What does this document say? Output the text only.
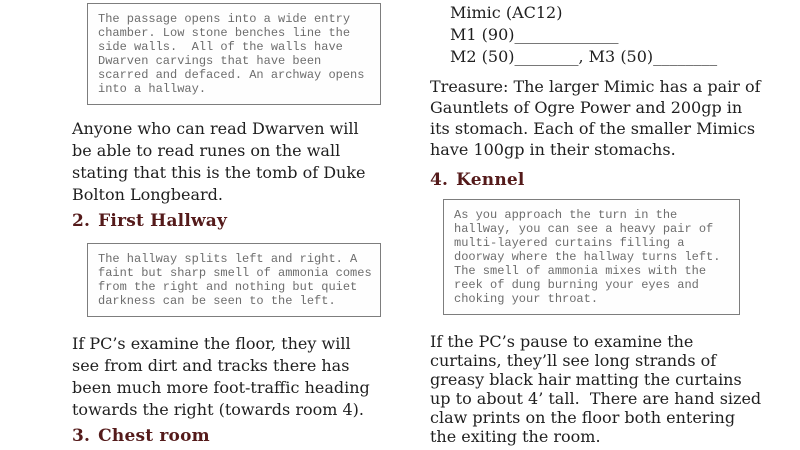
The passage opens into a wide entry chamber. Low stone benches line the side walls.  All of the walls have Dwarven carvings that have been scarred and defaced. An archway opens into a hallway.

Anyone who can read Dwarven will be able to read runes on the wall stating that this is the tomb of Duke Bolton Longbeard.

2. First Hallway
The hallway splits left and right. A faint but sharp smell of ammonia comes from the right and nothing but quiet darkness can be seen to the left.

If PC’s examine the floor, they will see from dirt and tracks there has been much more foot-traffic heading towards the right (towards room 4).

3. Chest room
Mimic (AC12)
M1 (90)_____________
M2 (50)________, M3 (50)________

Treasure: The larger Mimic has a pair of Gauntlets of Ogre Power and 200gp in its stomach. Each of the smaller Mimics have 100gp in their stomachs.

4. Kennel
As you approach the turn in the hallway, you can see a heavy pair of multi-layered curtains filling a doorway where the hallway turns left. The smell of ammonia mixes with the reek of dung burning your eyes and choking your throat.

If the PC’s pause to examine the curtains, they’ll see long strands of greasy black hair matting the curtains up to about 4’ tall.  There are hand sized claw prints on the floor both entering the exiting the room.
